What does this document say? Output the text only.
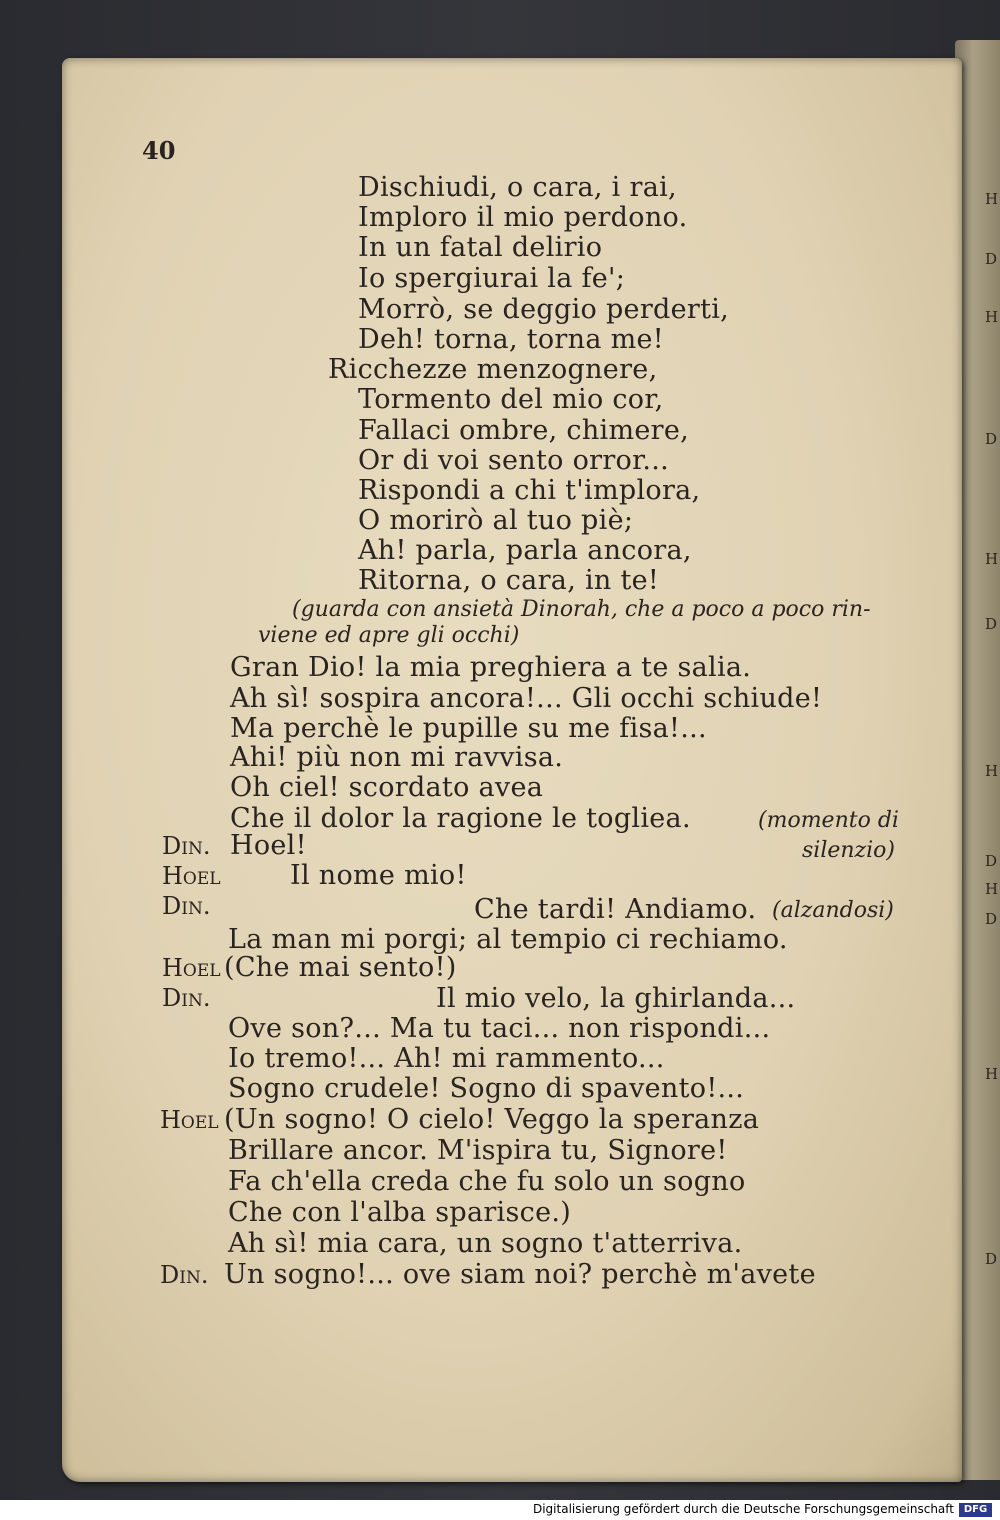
H
D
H
D
H
D
H
D
H
D
H
D
40
Dischiudi, o cara, i rai,
Imploro il mio perdono.
In un fatal delirio
Io spergiurai la fe';
Morrò, se deggio perderti,
Deh! torna, torna me!
Ricchezze menzognere,
Tormento del mio cor,
Fallaci ombre, chimere,
Or di voi sento orror...
Rispondi a chi t'implora,
O morirò al tuo piè;
Ah! parla, parla ancora,
Ritorna, o cara, in te!
(guarda con ansietà Dinorah, che a poco a poco rin-
viene ed apre gli occhi)
Gran Dio! la mia preghiera a te salia.
Ah sì! sospira ancora!... Gli occhi schiude!
Ma perchè le pupille su me fisa!...
Ahi! più non mi ravvisa.
Oh ciel! scordato avea
Che il dolor la ragione le togliea.	(momento di
silenzio)
Din. Hoel!
Hoel	Il nome mio!
Din.	Che tardi! Andiamo. (alzandosi)
La man mi porgi; al tempio ci rechiamo.
Hoel (Che mai sento!)
Din.	Il mio velo, la ghirlanda...
Ove son?... Ma tu taci... non rispondi...
Io tremo!... Ah! mi rammento...
Sogno crudele! Sogno di spavento!...
Hoel (Un sogno! O cielo! Veggo la speranza
Brillare ancor. M'ispira tu, Signore!
Fa ch'ella creda che fu solo un sogno
Che con l'alba sparisce.)
Ah sì! mia cara, un sogno t'atterriva.
Din. Un sogno!... ove siam noi? perchè m'avete
Digitalisierung gefördert durch die Deutsche Forschungsgemeinschaft DFG
